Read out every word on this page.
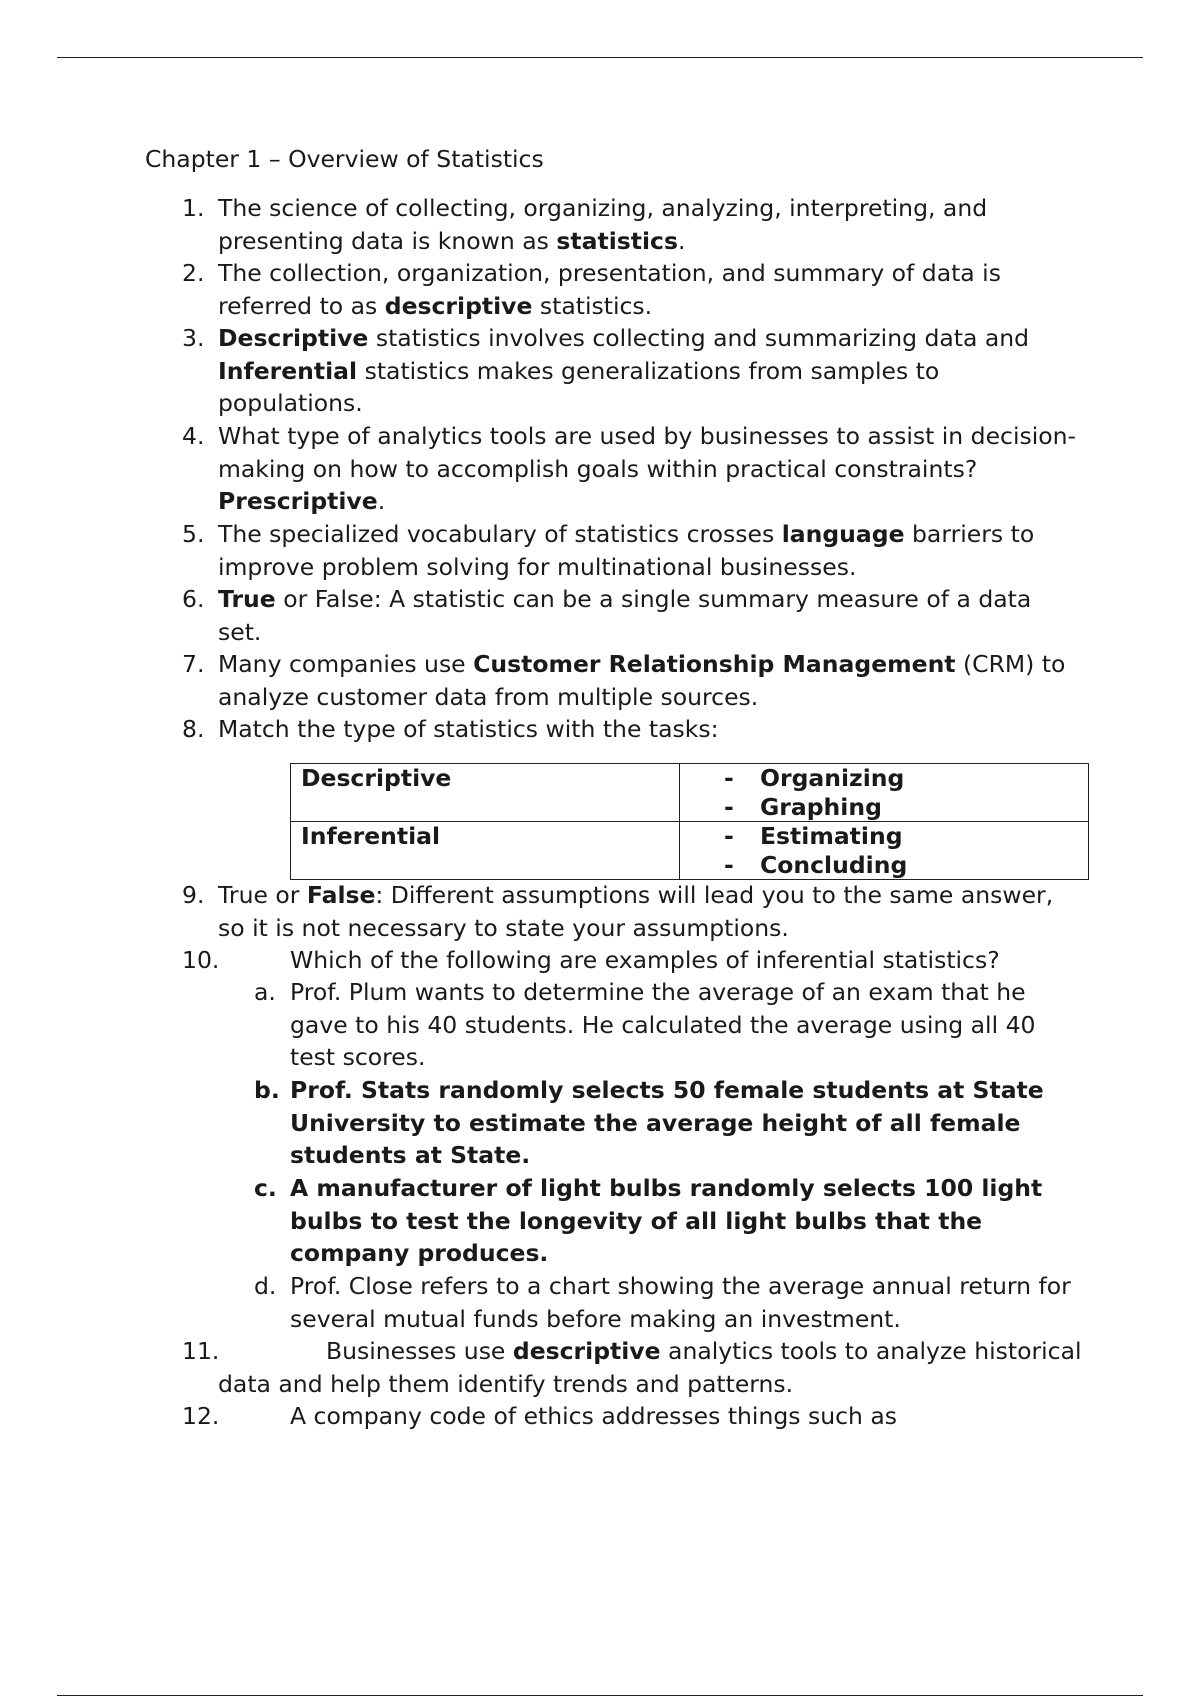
Chapter 1 – Overview of Statistics
1. The science of collecting, organizing, analyzing, interpreting, and presenting data is known as statistics.
2. The collection, organization, presentation, and summary of data is referred to as descriptive statistics.
3. Descriptive statistics involves collecting and summarizing data and Inferential statistics makes generalizations from samples to populations.
4. What type of analytics tools are used by businesses to assist in decision-making on how to accomplish goals within practical constraints? Prescriptive.
5. The specialized vocabulary of statistics crosses language barriers to improve problem solving for multinational businesses.
6. True or False: A statistic can be a single summary measure of a data set.
7. Many companies use Customer Relationship Management (CRM) to analyze customer data from multiple sources.
8. Match the type of statistics with the tasks:
Descriptive	- Organizing
- Graphing

Inferential	- Estimating
- Concluding
9. True or False: Different assumptions will lead you to the same answer, so it is not necessary to state your assumptions.
10.	Which of the following are examples of inferential statistics?
a. Prof. Plum wants to determine the average of an exam that he gave to his 40 students. He calculated the average using all 40 test scores.
b. Prof. Stats randomly selects 50 female students at State University to estimate the average height of all female students at State.
c. A manufacturer of light bulbs randomly selects 100 light bulbs to test the longevity of all light bulbs that the company produces.
d. Prof. Close refers to a chart showing the average annual return for several mutual funds before making an investment.
11.	Businesses use descriptive analytics tools to analyze historical data and help them identify trends and patterns.
12.	A company code of ethics addresses things such as
